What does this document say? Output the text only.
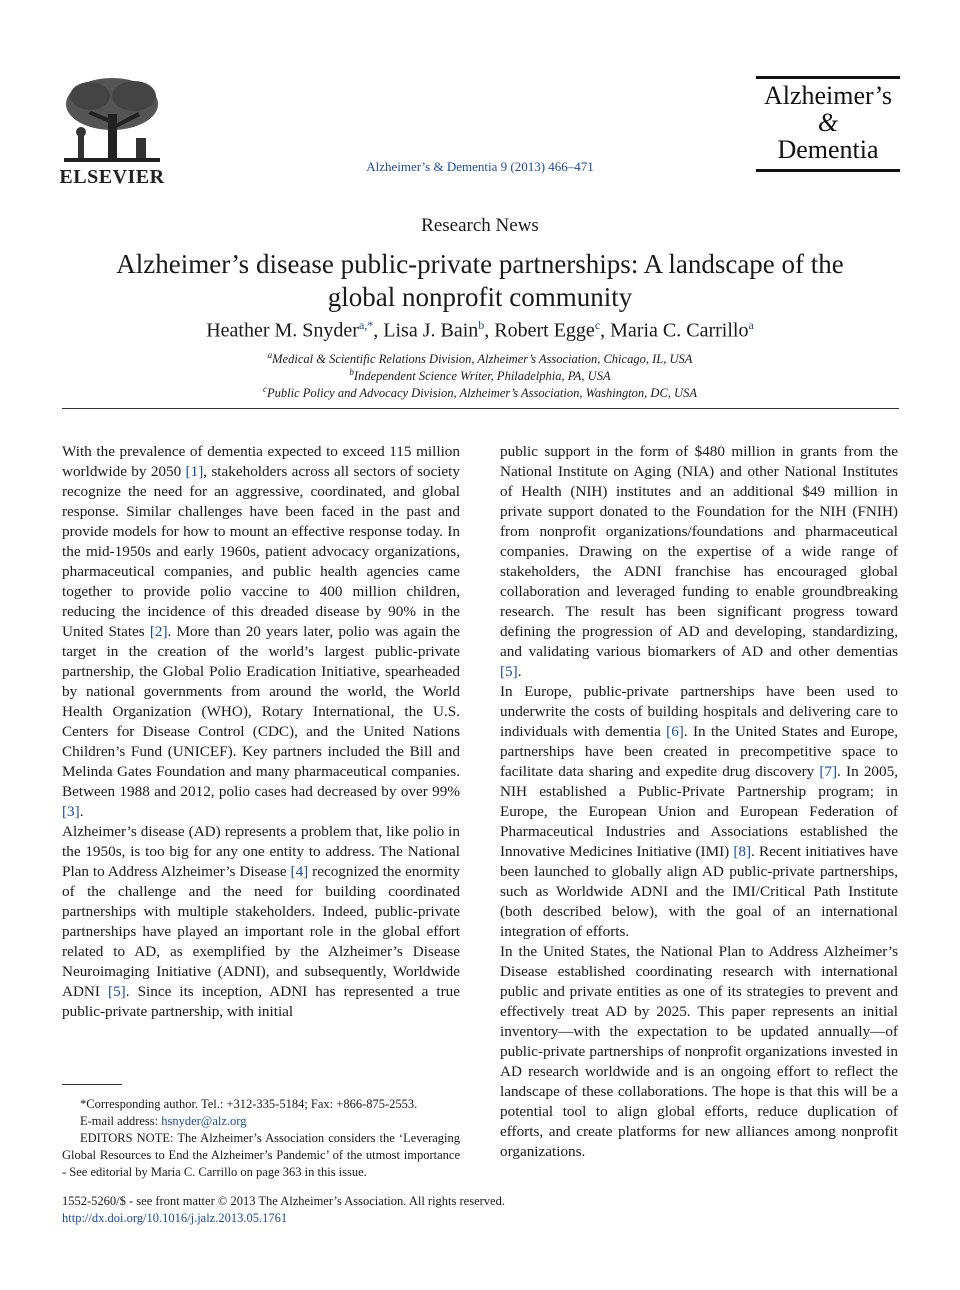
ELSEVIER	Alzheimer’s & Dementia 9 (2013) 466–471
Alzheimer’s
&
Dementia
Research News
Alzheimer’s disease public-private partnerships: A landscape of the global nonprofit community
Heather M. Snyder$^{a,*}$, Lisa J. Bain$^b$, Robert Egge$^c$, Maria C. Carrillo$^a$
$^a$Medical & Scientific Relations Division, Alzheimer’s Association, Chicago, IL, USA
$^b$Independent Science Writer, Philadelphia, PA, USA
$^c$Public Policy and Advocacy Division, Alzheimer’s Association, Washington, DC, USA

With the prevalence of dementia expected to exceed 115 million worldwide by 2050 [1], stakeholders across all sectors of society recognize the need for an aggressive, coordinated, and global response. Similar challenges have been faced in the past and provide models for how to mount an effective response today. In the mid-1950s and early 1960s, patient advocacy organizations, pharmaceutical companies, and public health agencies came together to provide polio vaccine to 400 million children, reducing the incidence of this dreaded disease by 90% in the United States [2]. More than 20 years later, polio was again the target in the creation of the world’s largest public-private partnership, the Global Polio Eradication Initiative, spearheaded by national governments from around the world, the World Health Organization (WHO), Rotary International, the U.S. Centers for Disease Control (CDC), and the United Nations Children’s Fund (UNICEF). Key partners included the Bill and Melinda Gates Foundation and many pharmaceutical companies. Between 1988 and 2012, polio cases had decreased by over 99% [3].

Alzheimer’s disease (AD) represents a problem that, like polio in the 1950s, is too big for any one entity to address. The National Plan to Address Alzheimer’s Disease [4] recognized the enormity of the challenge and the need for building coordinated partnerships with multiple stakeholders. Indeed, public-private partnerships have played an important role in the global effort related to AD, as exemplified by the Alzheimer’s Disease Neuroimaging Initiative (ADNI), and subsequently, Worldwide ADNI [5]. Since its inception, ADNI has represented a true public-private partnership, with initial

public support in the form of $480 million in grants from the National Institute on Aging (NIA) and other National Institutes of Health (NIH) institutes and an additional $49 million in private support donated to the Foundation for the NIH (FNIH) from nonprofit organizations/foundations and pharmaceutical companies. Drawing on the expertise of a wide range of stakeholders, the ADNI franchise has encouraged global collaboration and leveraged funding to enable groundbreaking research. The result has been significant progress toward defining the progression of AD and developing, standardizing, and validating various biomarkers of AD and other dementias [5].

In Europe, public-private partnerships have been used to underwrite the costs of building hospitals and delivering care to individuals with dementia [6]. In the United States and Europe, partnerships have been created in precompetitive space to facilitate data sharing and expedite drug discovery [7]. In 2005, NIH established a Public-Private Partnership program; in Europe, the European Union and European Federation of Pharmaceutical Industries and Associations established the Innovative Medicines Initiative (IMI) [8]. Recent initiatives have been launched to globally align AD public-private partnerships, such as Worldwide ADNI and the IMI/Critical Path Institute (both described below), with the goal of an international integration of efforts.

In the United States, the National Plan to Address Alzheimer’s Disease established coordinating research with international public and private entities as one of its strategies to prevent and effectively treat AD by 2025. This paper represents an initial inventory—with the expectation to be updated annually—of public-private partnerships of nonprofit organizations invested in AD research worldwide and is an ongoing effort to reflect the landscape of these collaborations. The hope is that this will be a potential tool to align global efforts, reduce duplication of efforts, and create platforms for new alliances among nonprofit organizations.

*Corresponding author. Tel.: +312-335-5184; Fax: +866-875-2553.

E-mail address: hsnyder@alz.org

EDITORS NOTE: The Alzheimer’s Association considers the ‘Leveraging Global Resources to End the Alzheimer’s Pandemic’ of the utmost importance - See editorial by Maria C. Carrillo on page 363 in this issue.

1552-5260/$ - see front matter © 2013 The Alzheimer’s Association. All rights reserved.
http://dx.doi.org/10.1016/j.jalz.2013.05.1761
